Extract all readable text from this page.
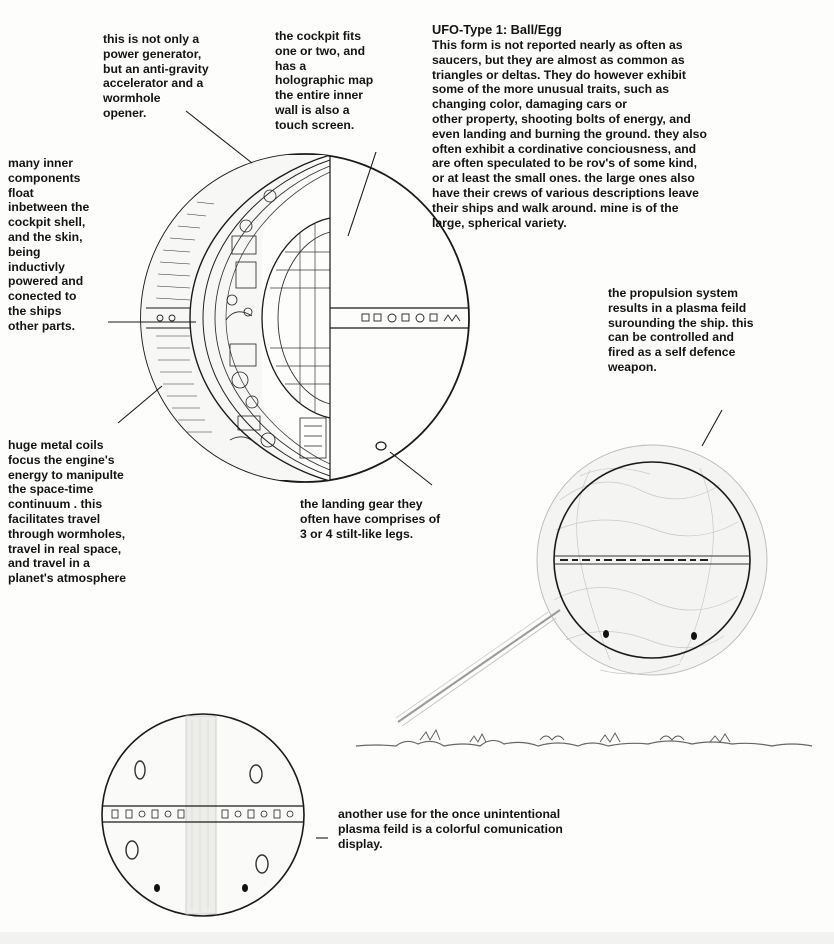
UFO-Type 1: Ball/Egg

This form is not reported nearly as often as
saucers, but they are almost as common as
triangles or deltas. They do however exhibit
some of the more unusual traits, such as
changing color, damaging cars or
other property, shooting bolts of energy, and
even landing and burning the ground. they also
often exhibit a cordinative conciousness, and
are often speculated to be rov's of some kind,
or at least the small ones. the large ones also
have their crews of various descriptions leave
their ships and walk around. mine is of the
large, spherical variety.

this is not only a
power generator,
but an anti-gravity
accelerator and a
wormhole
opener.

the cockpit fits
one or two, and
has a
holographic map
the entire inner
wall is also a
touch screen.

many inner
components
float
inbetween the
cockpit shell,
and the skin,
being
inductivly
powered and
conected to
the ships
other parts.

huge metal coils
focus the engine's
energy to manipulte
the space-time
continuum . this
facilitates travel
through wormholes,
travel in real space,
and travel in a
planet's atmosphere

the landing gear they
often have comprises of
3 or 4 stilt-like legs.

the propulsion system
results in a plasma feild
surounding the ship. this
can be controlled and
fired as a self defence
weapon.

another use for the once unintentional
plasma feild is a colorful comunication
display.
